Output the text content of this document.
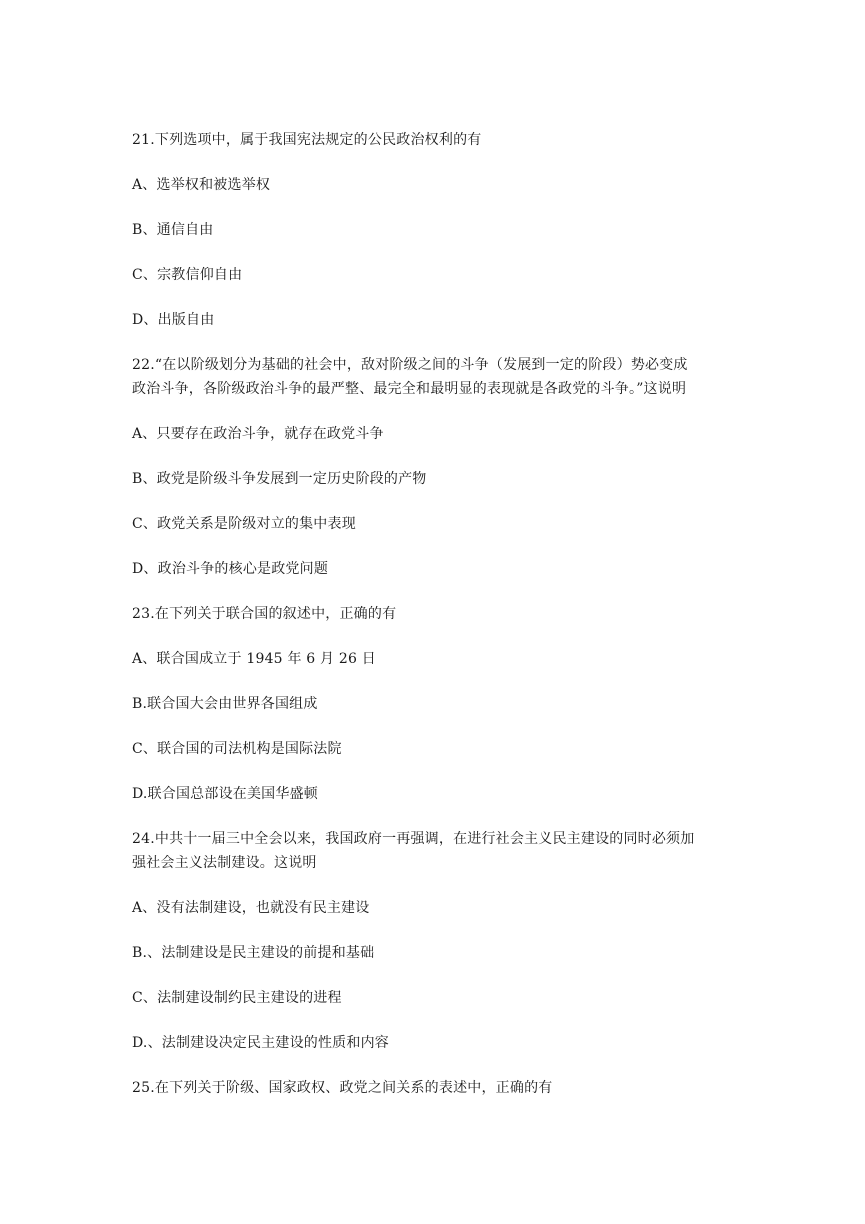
21.下列选项中，属于我国宪法规定的公民政治权利的有

A、选举权和被选举权

B、通信自由

C、宗教信仰自由

D、出版自由

22.“在以阶级划分为基础的社会中，敌对阶级之间的斗争（发展到一定的阶段）势必变成

政治斗争，各阶级政治斗争的最严整、最完全和最明显的表现就是各政党的斗争。”这说明

A、只要存在政治斗争，就存在政党斗争

B、政党是阶级斗争发展到一定历史阶段的产物

C、政党关系是阶级对立的集中表现

D、政治斗争的核心是政党问题

23.在下列关于联合国的叙述中，正确的有

A、联合国成立于 1945 年 6 月 26 日

B.联合国大会由世界各国组成

C、联合国的司法机构是国际法院

D.联合国总部设在美国华盛顿

24.中共十一届三中全会以来，我国政府一再强调，在进行社会主义民主建设的同时必须加

强社会主义法制建设。这说明

A、没有法制建设，也就没有民主建设

B.、法制建设是民主建设的前提和基础

C、法制建设制约民主建设的进程

D.、法制建设决定民主建设的性质和内容

25.在下列关于阶级、国家政权、政党之间关系的表述中，正确的有
